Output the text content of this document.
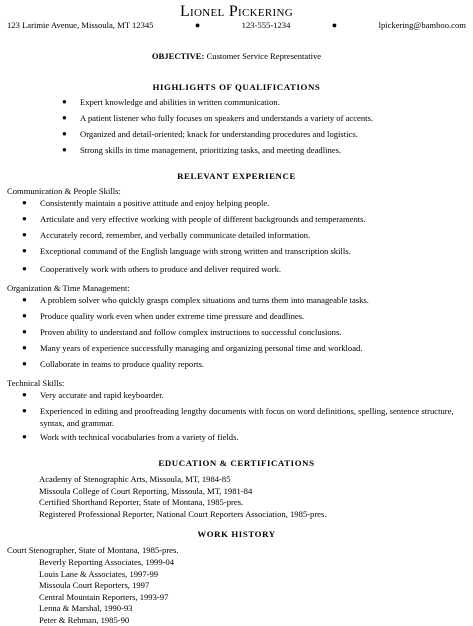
Lionel Pickering
123 Larimie Avenue, Missoula, MT 12345	●	123-555-1234	●	lpickering@bamboo.com
OBJECTIVE: Customer Service Representative
HIGHLIGHTS OF QUALIFICATIONS
● Expert knowledge and abilities in written communication.
● A patient listener who fully focuses on speakers and understands a variety of accents.
● Organized and detail-oriented; knack for understanding procedures and logistics.
● Strong skills in time management, prioritizing tasks, and meeting deadlines.
RELEVANT EXPERIENCE
Communication & People Skills:
● Consistently maintain a positive attitude and enjoy helping people.
● Articulate and very effective working with people of different backgrounds and temperaments.
● Accurately record, remember, and verbally communicate detailed information.
● Exceptional command of the English language with strong written and transcription skills.
● Cooperatively work with others to produce and deliver required work.
Organization & Time Management:
● A problem solver who quickly grasps complex situations and turns them into manageable tasks.
● Produce quality work even when under extreme time pressure and deadlines.
● Proven ability to understand and follow complex instructions to successful conclusions.
● Many years of experience successfully managing and organizing personal time and workload.
● Collaborate in teams to produce quality reports.
Technical Skills:
● Very accurate and rapid keyboarder.
● Experienced in editing and proofreading lengthy documents with focus on word definitions, spelling, sentence structure, syntax, and grammar.
● Work with technical vocabularies from a variety of fields.
EDUCATION & CERTIFICATIONS
Academy of Stenographic Arts, Missoula, MT, 1984-85
Missoula College of Court Reporting, Missoula, MT, 1981-84
Certified Shorthand Reporter, State of Montana, 1985-pres.
Registered Professional Reporter, National Court Reporters Association, 1985-pres.
WORK HISTORY
Court Stenographer, State of Montana, 1985-pres.
Beverly Reporting Associates, 1999-04
Louis Lane & Associates, 1997-99
Missoula Court Reporters, 1997
Central Mountain Reporters, 1993-97
Lenna & Marshal, 1990-93
Peter & Rehman, 1985-90
